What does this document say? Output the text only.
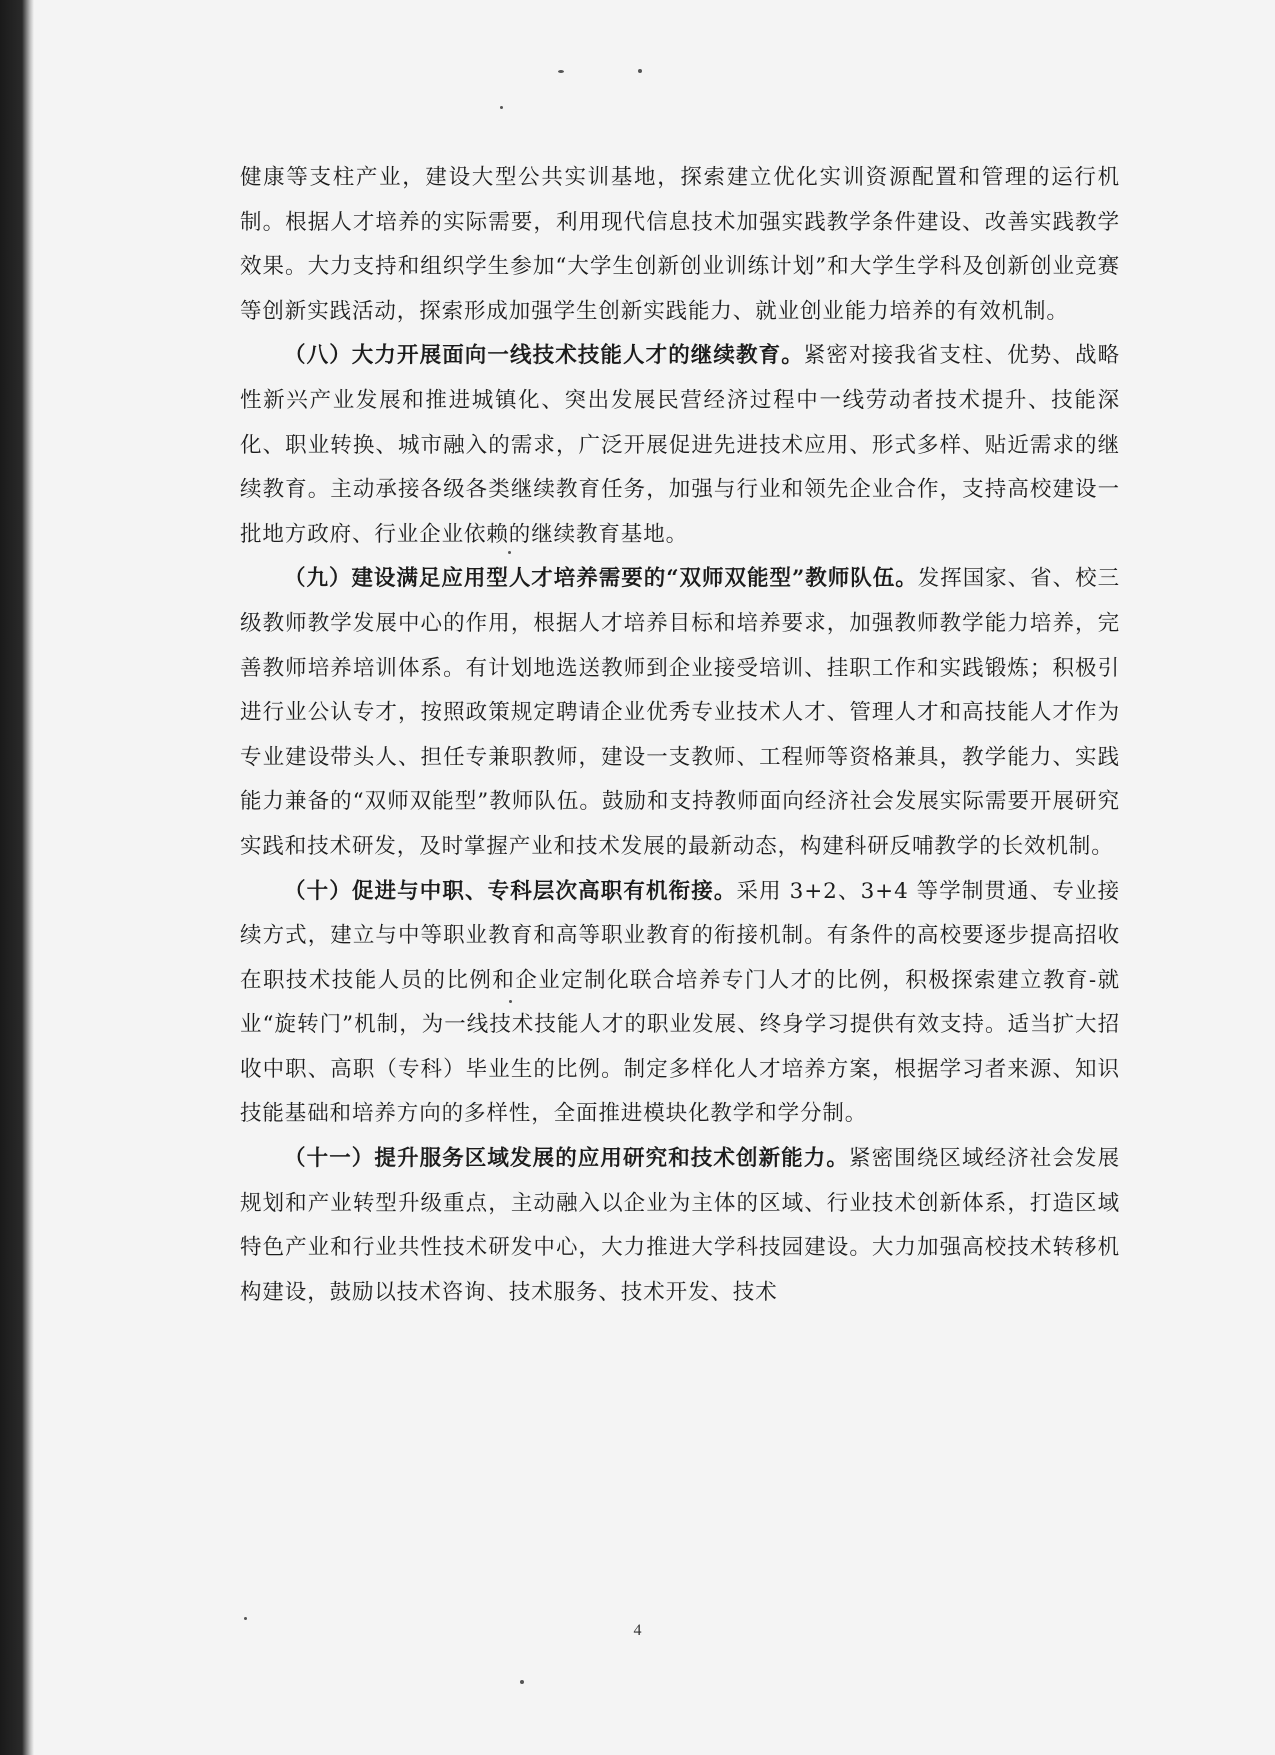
健康等支柱产业，建设大型公共实训基地，探索建立优化实训资源配置和管理的运行机制。根据人才培养的实际需要，利用现代信息技术加强实践教学条件建设、改善实践教学效果。大力支持和组织学生参加“大学生创新创业训练计划”和大学生学科及创新创业竞赛等创新实践活动，探索形成加强学生创新实践能力、就业创业能力培养的有效机制。

（八）大力开展面向一线技术技能人才的继续教育。紧密对接我省支柱、优势、战略性新兴产业发展和推进城镇化、突出发展民营经济过程中一线劳动者技术提升、技能深化、职业转换、城市融入的需求，广泛开展促进先进技术应用、形式多样、贴近需求的继续教育。主动承接各级各类继续教育任务，加强与行业和领先企业合作，支持高校建设一批地方政府、行业企业依赖的继续教育基地。

（九）建设满足应用型人才培养需要的“双师双能型”教师队伍。发挥国家、省、校三级教师教学发展中心的作用，根据人才培养目标和培养要求，加强教师教学能力培养，完善教师培养培训体系。有计划地选送教师到企业接受培训、挂职工作和实践锻炼；积极引进行业公认专才，按照政策规定聘请企业优秀专业技术人才、管理人才和高技能人才作为专业建设带头人、担任专兼职教师，建设一支教师、工程师等资格兼具，教学能力、实践能力兼备的“双师双能型”教师队伍。鼓励和支持教师面向经济社会发展实际需要开展研究实践和技术研发，及时掌握产业和技术发展的最新动态，构建科研反哺教学的长效机制。

（十）促进与中职、专科层次高职有机衔接。采用 3+2、3+4 等学制贯通、专业接续方式，建立与中等职业教育和高等职业教育的衔接机制。有条件的高校要逐步提高招收在职技术技能人员的比例和企业定制化联合培养专门人才的比例，积极探索建立教育-就业“旋转门”机制，为一线技术技能人才的职业发展、终身学习提供有效支持。适当扩大招收中职、高职（专科）毕业生的比例。制定多样化人才培养方案，根据学习者来源、知识技能基础和培养方向的多样性，全面推进模块化教学和学分制。

（十一）提升服务区域发展的应用研究和技术创新能力。紧密围绕区域经济社会发展规划和产业转型升级重点，主动融入以企业为主体的区域、行业技术创新体系，打造区域特色产业和行业共性技术研发中心，大力推进大学科技园建设。大力加强高校技术转移机构建设，鼓励以技术咨询、技术服务、技术开发、技术

4
